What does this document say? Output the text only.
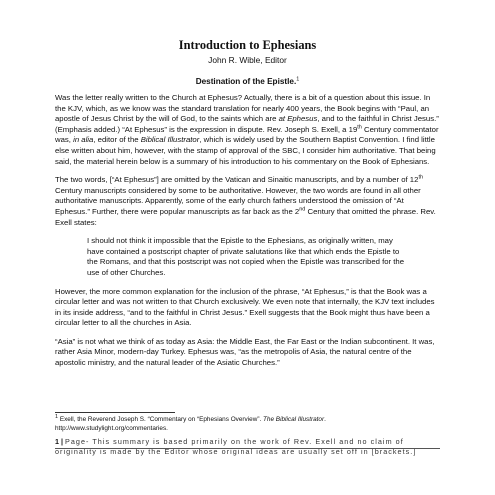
Introduction to Ephesians
John R. Wible, Editor
Destination of the Epistle.$^1$

Was the letter really written to the Church at Ephesus? Actually, there is a bit of a question about this issue. In the KJV, which, as we know was the standard translation for nearly 400 years, the Book begins with “Paul, an apostle of Jesus Christ by the will of God, to the saints which are at Ephesus, and to the faithful in Christ Jesus.” (Emphasis added.) “At Ephesus” is the expression in dispute. Rev. Joseph S. Exell, a 19th Century commentator was, in alia, editor of the Biblical Illustrator, which is widely used by the Southern Baptist Convention. I find little else written about him, however, with the stamp of approval of the SBC, I consider him authoritative. That being said, the material herein below is a summary of his introduction to his commentary on the Book of Ephesians.

The two words, [“At Ephesus”] are omitted by the Vatican and Sinaitic manuscripts, and by a number of 12th Century manuscripts considered by some to be authoritative. However, the two words are found in all other authoritative manuscripts. Apparently, some of the early church fathers understood the omission of “At Ephesus.” Further, there were popular manuscripts as far back as the 2nd Century that omitted the phrase. Rev. Exell states:

I should not think it impossible that the Epistle to the Ephesians, as originally written, may have contained a postscript chapter of private salutations like that which ends the Epistle to the Romans, and that this postscript was not copied when the Epistle was transcribed for the use of other Churches.

However, the more common explanation for the inclusion of the phrase, “At Ephesus,” is that the Book was a circular letter and was not written to that Church exclusively. We even note that internally, the KJV text includes in its inside address, “and to the faithful in Christ Jesus.” Exell suggests that the Book might thus have been a circular letter to all the churches in Asia.

“Asia” is not what we think of as today as Asia: the Middle East, the Far East or the Indian subcontinent. It was, rather Asia Minor, modern-day Turkey. Ephesus was, “as the metropolis of Asia, the natural centre of the apostolic ministry, and the natural leader of the Asiatic Churches.”

$^1$ Exell, the Reverend Joseph S. “Commentary on “Ephesians Overview”. The Biblical Illustrator. http://www.studylight.org/commentaries.
1 | Page- This summary is based primarily on the work of Rev. Exell and no claim of originality is made by the Editor whose original ideas are usually set off in [brackets.]
